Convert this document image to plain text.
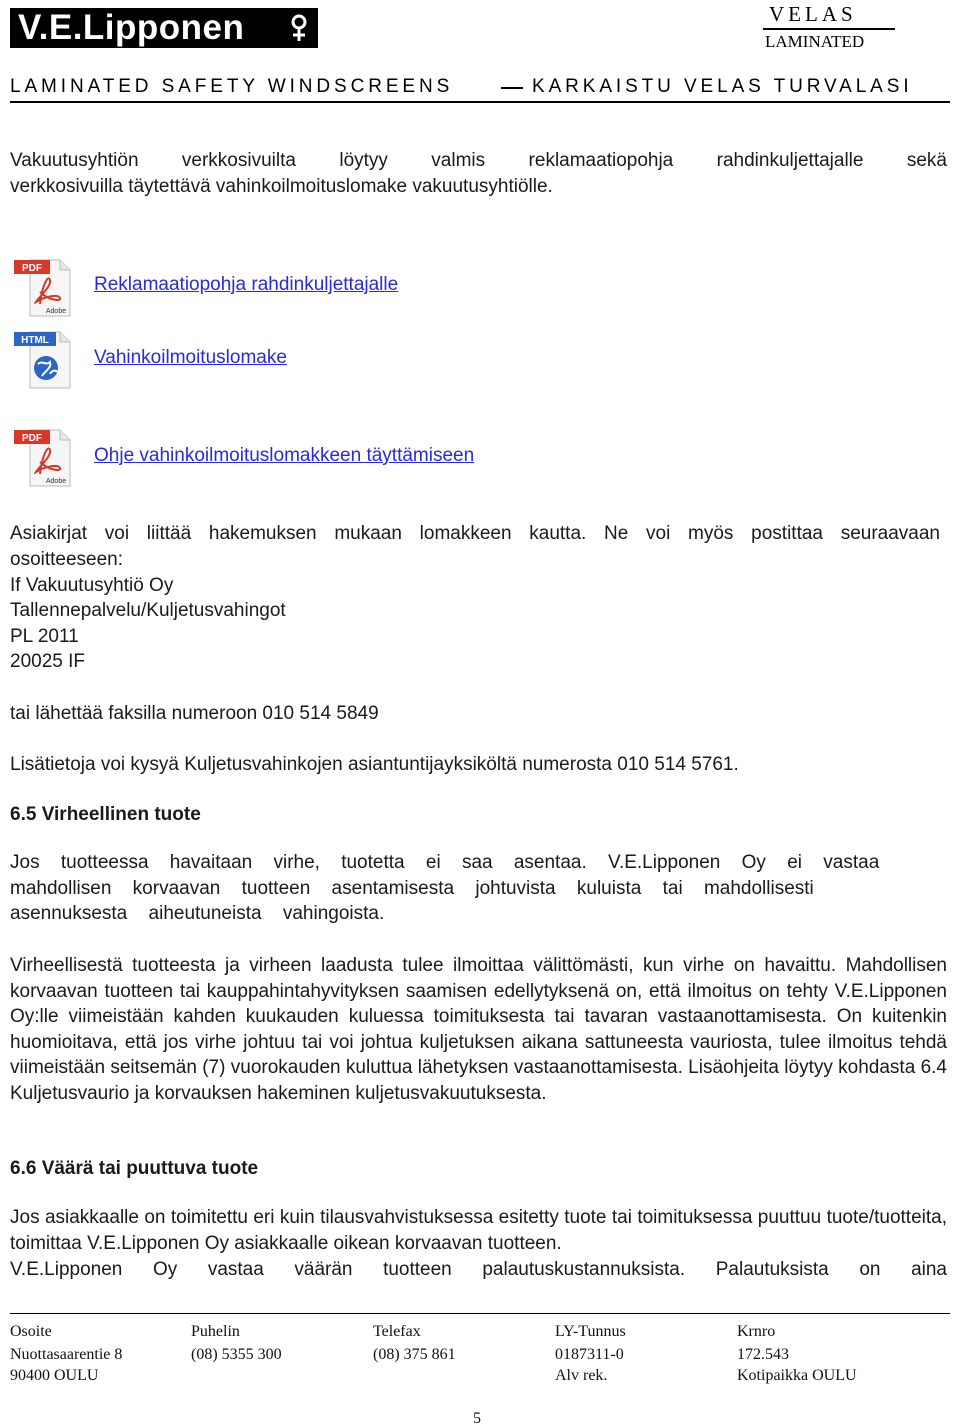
V.E.Lipponen	VELAS
LAMINATED
LAMINATED SAFETY WINDSCREENS	KARKAISTU VELAS TURVALASI
Vakuutusyhtiön verkkosivuilta löytyy valmis reklamaatiopohja rahdinkuljettajalle sekä
verkkosivuilla täytettävä vahinkoilmoituslomake vakuutusyhtiölle.
PDF
Adobe
Reklamaatiopohja rahdinkuljettajalle
HTML
Vahinkoilmoituslomake
PDF
Adobe
Ohje vahinkoilmoituslomakkeen täyttämiseen
Asiakirjat voi liittää hakemuksen mukaan lomakkeen kautta. Ne voi myös postittaa seuraavaan
osoitteeseen:
If Vakuutusyhtiö Oy
Tallennepalvelu/Kuljetusvahingot
PL 2011
20025 IF
tai lähettää faksilla numeroon 010 514 5849
Lisätietoja voi kysyä Kuljetusvahinkojen asiantuntijayksiköltä numerosta 010 514 5761.
6.5 Virheellinen tuote
Jos tuotteessa havaitaan virhe, tuotetta ei saa asentaa. V.E.Lipponen Oy ei vastaa mahdollisen korvaavan tuotteen asentamisesta johtuvista kuluista tai mahdollisesti asennuksesta aiheutuneista vahingoista.
Virheellisestä tuotteesta ja virheen laadusta tulee ilmoittaa välittömästi, kun virhe on havaittu. Mahdollisen korvaavan tuotteen tai kauppahintahyvityksen saamisen edellytyksenä on, että ilmoitus on tehty V.E.Lipponen Oy:lle viimeistään kahden kuukauden kuluessa toimituksesta tai tavaran vastaanottamisesta. On kuitenkin huomioitava, että jos virhe johtuu tai voi johtua kuljetuksen aikana sattuneesta vauriosta, tulee ilmoitus tehdä viimeistään seitsemän (7) vuorokauden kuluttua lähetyksen vastaanottamisesta. Lisäohjeita löytyy kohdasta 6.4 Kuljetusvaurio ja korvauksen hakeminen kuljetusvakuutuksesta.
6.6 Väärä tai puuttuva tuote
Jos asiakkaalle on toimitettu eri kuin tilausvahvistuksessa esitetty tuote tai toimituksessa puuttuu tuote/tuotteita, toimittaa V.E.Lipponen Oy asiakkaalle oikean korvaavan tuotteen.
V.E.Lipponen Oy vastaa väärän tuotteen palautuskustannuksista. Palautuksista on aina
Osoite
Nuottasaarentie 8
90400 OULU
Puhelin
(08) 5355 300
Telefax
(08) 375 861
LY-Tunnus
0187311-0
Alv rek.
Krnro
172.543
Kotipaikka OULU
5
